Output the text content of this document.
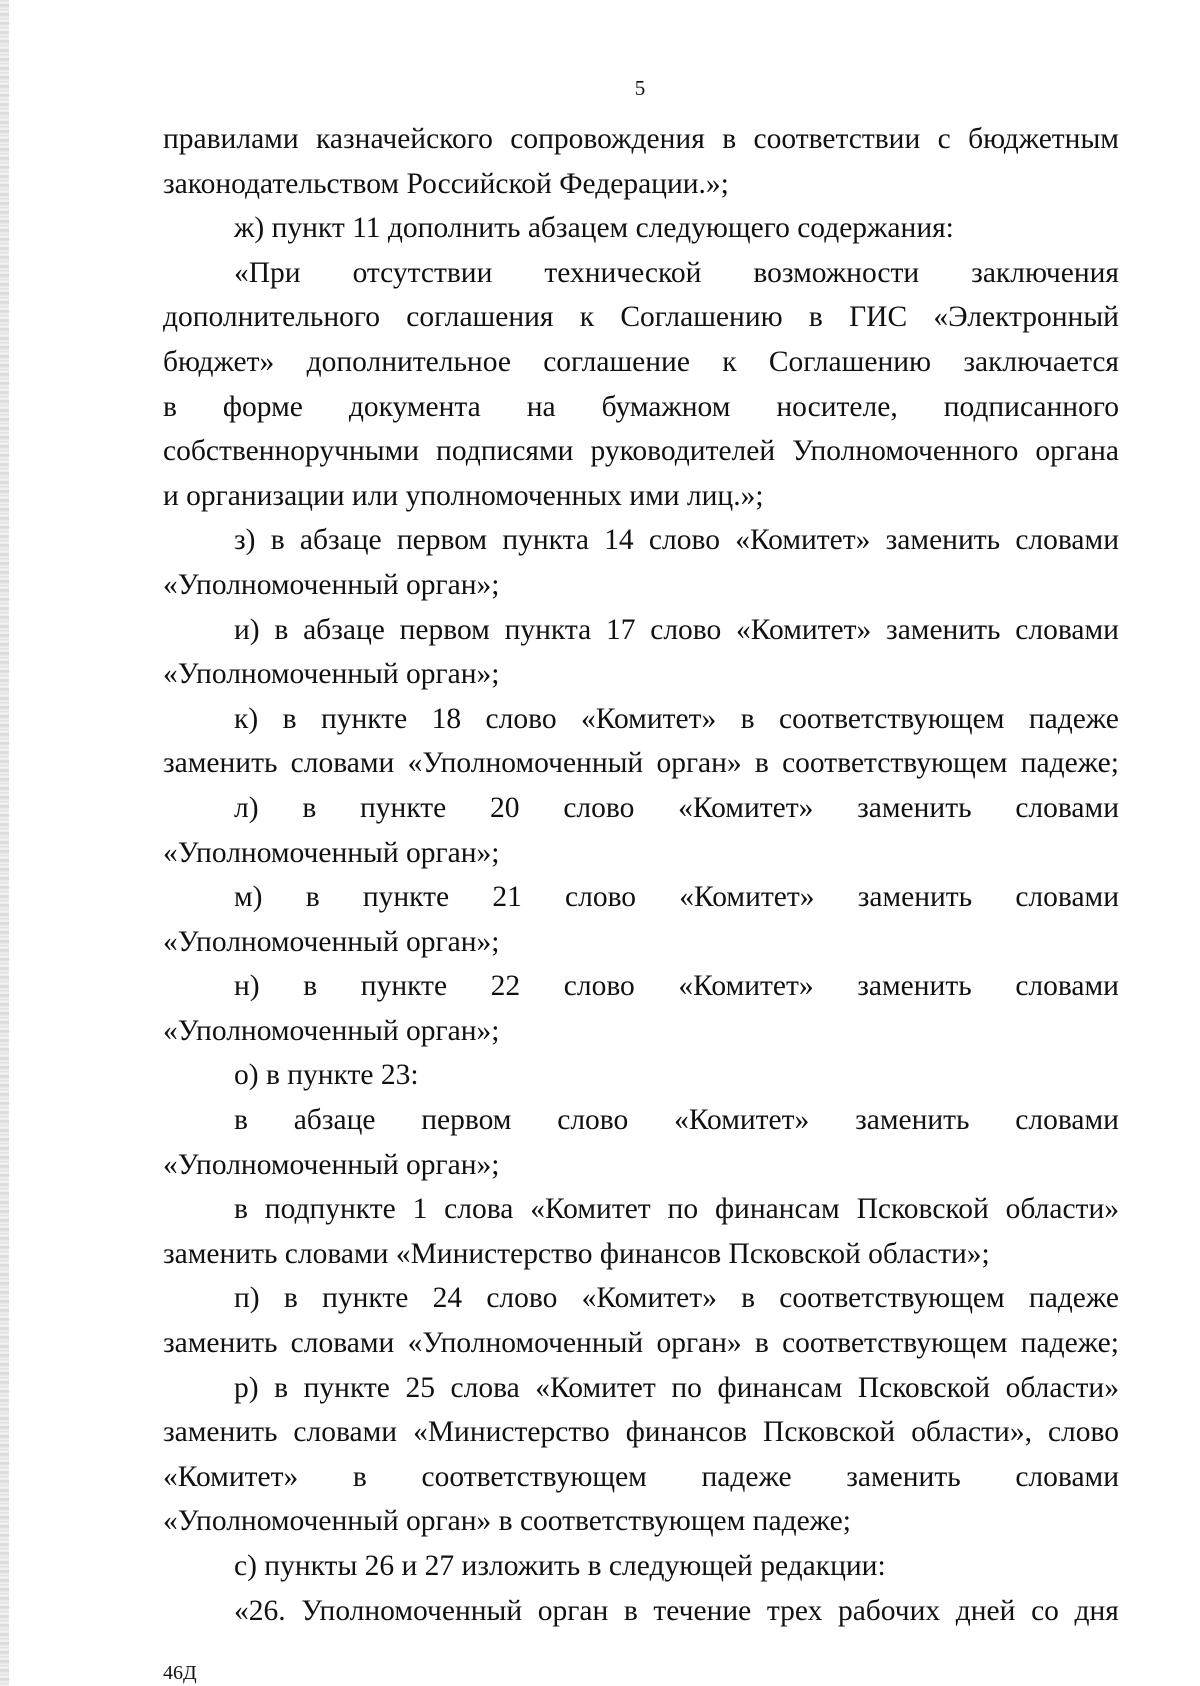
5
правилами казначейского сопровождения в соответствии с бюджетным
законодательством Российской Федерации.»;
ж) пункт 11 дополнить абзацем следующего содержания:
«При отсутствии технической возможности заключения
дополнительного соглашения к Соглашению в ГИС «Электронный
бюджет» дополнительное соглашение к Соглашению заключается
в форме документа на бумажном носителе, подписанного
собственноручными подписями руководителей Уполномоченного органа
и организации или уполномоченных ими лиц.»;
з) в абзаце первом пункта 14 слово «Комитет» заменить словами
«Уполномоченный орган»;
и) в абзаце первом пункта 17 слово «Комитет» заменить словами
«Уполномоченный орган»;
к) в пункте 18 слово «Комитет» в соответствующем падеже
заменить словами «Уполномоченный орган» в соответствующем падеже;
л) в пункте 20 слово «Комитет» заменить словами
«Уполномоченный орган»;
м) в пункте 21 слово «Комитет» заменить словами
«Уполномоченный орган»;
н) в пункте 22 слово «Комитет» заменить словами
«Уполномоченный орган»;
о) в пункте 23:
в абзаце первом слово «Комитет» заменить словами
«Уполномоченный орган»;
в подпункте 1 слова «Комитет по финансам Псковской области»
заменить словами «Министерство финансов Псковской области»;
п) в пункте 24 слово «Комитет» в соответствующем падеже
заменить словами «Уполномоченный орган» в соответствующем падеже;
р) в пункте 25 слова «Комитет по финансам Псковской области»
заменить словами «Министерство финансов Псковской области», слово
«Комитет» в соответствующем падеже заменить словами
«Уполномоченный орган» в соответствующем падеже;
с) пункты 26 и 27 изложить в следующей редакции:
«26. Уполномоченный орган в течение трех рабочих дней со дня
46Д
